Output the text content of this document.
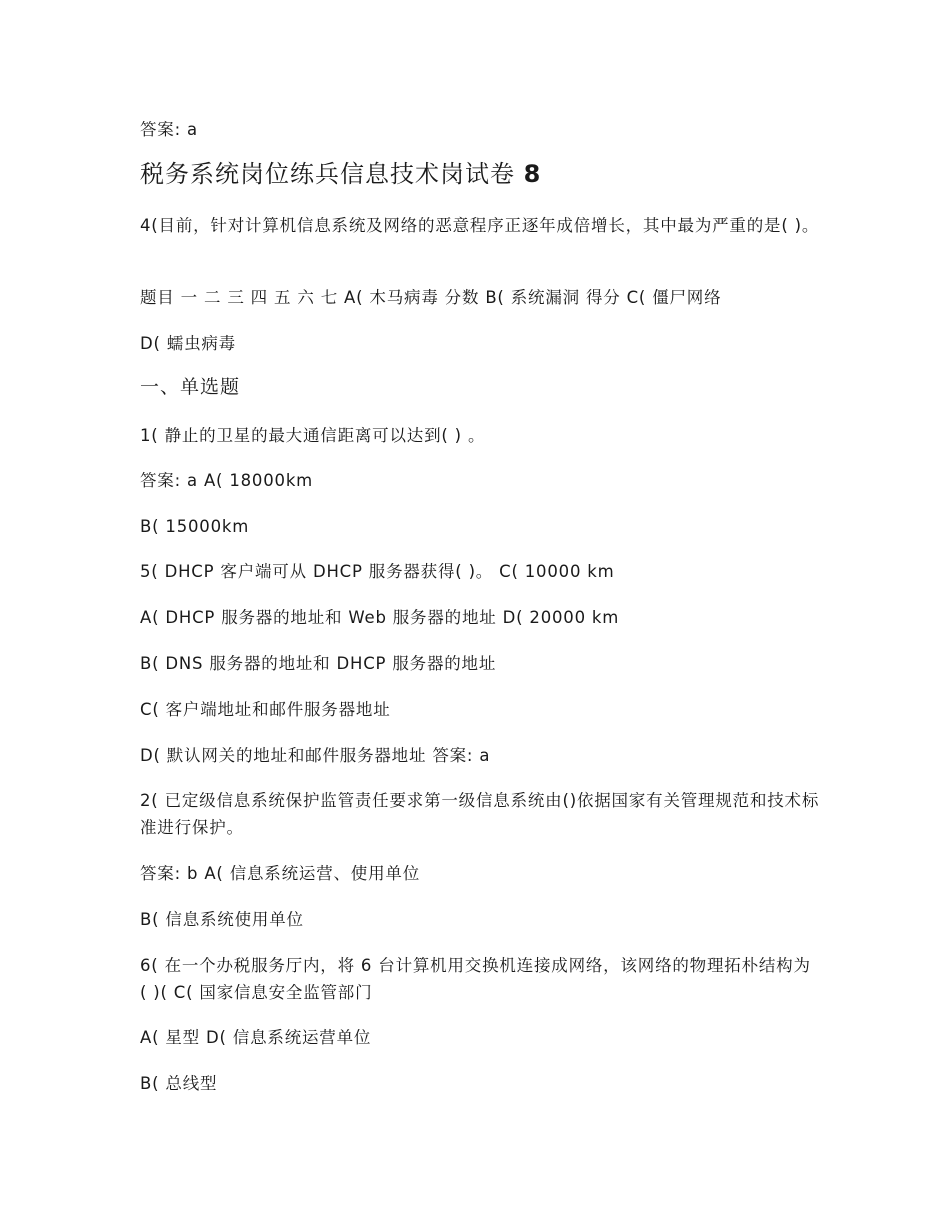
答案: a
税务系统岗位练兵信息技术岗试卷 8
4(目前，针对计算机信息系统及网络的恶意程序正逐年成倍增长，其中最为严重的是( )。
题目 一 二 三 四 五 六 七 A( 木马病毒 分数 B( 系统漏洞 得分 C( 僵尸网络
D( 蠕虫病毒
一、单选题
1( 静止的卫星的最大通信距离可以达到( ) 。
答案: a A( 18000km
B( 15000km
5( DHCP 客户端可从 DHCP 服务器获得( )。 C( 10000 km
A( DHCP 服务器的地址和 Web 服务器的地址 D( 20000 km
B( DNS 服务器的地址和 DHCP 服务器的地址
C( 客户端地址和邮件服务器地址
D( 默认网关的地址和邮件服务器地址 答案: a
2( 已定级信息系统保护监管责任要求第一级信息系统由()依据国家有关管理规范和技术标准进行保护。
答案: b A( 信息系统运营、使用单位
B( 信息系统使用单位
6( 在一个办税服务厅内，将 6 台计算机用交换机连接成网络，该网络的物理拓朴结构为 ( )( C( 国家信息安全监管部门
A( 星型 D( 信息系统运营单位
B( 总线型
